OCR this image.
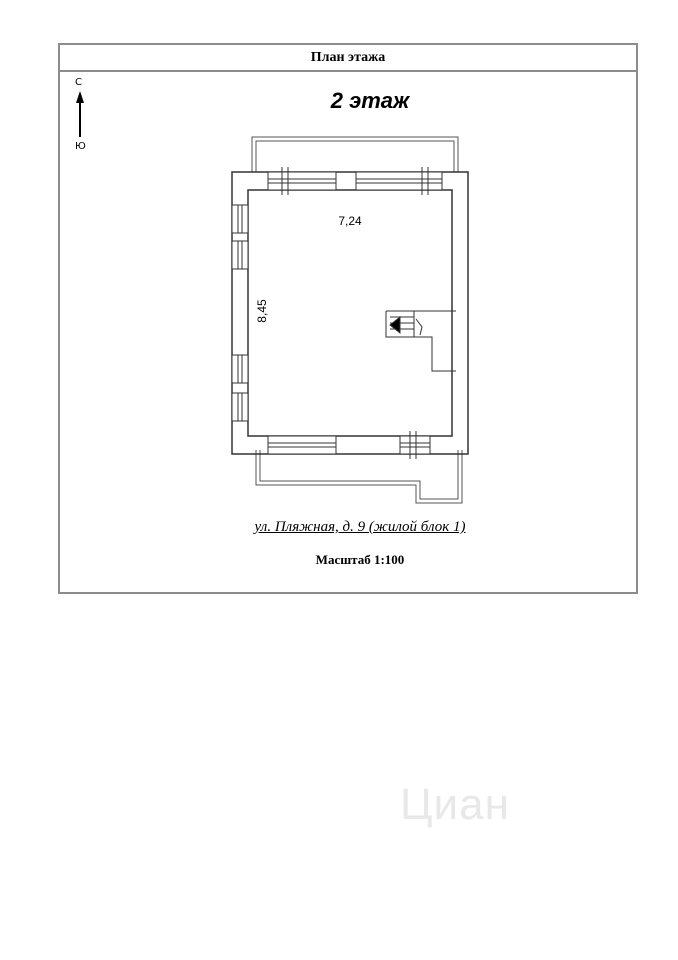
План этажа
7,24
8,45
С
Ю
2 этаж
ул. Пляжная, д. 9 (жилой блок 1)
Масштаб 1:100
Циан
